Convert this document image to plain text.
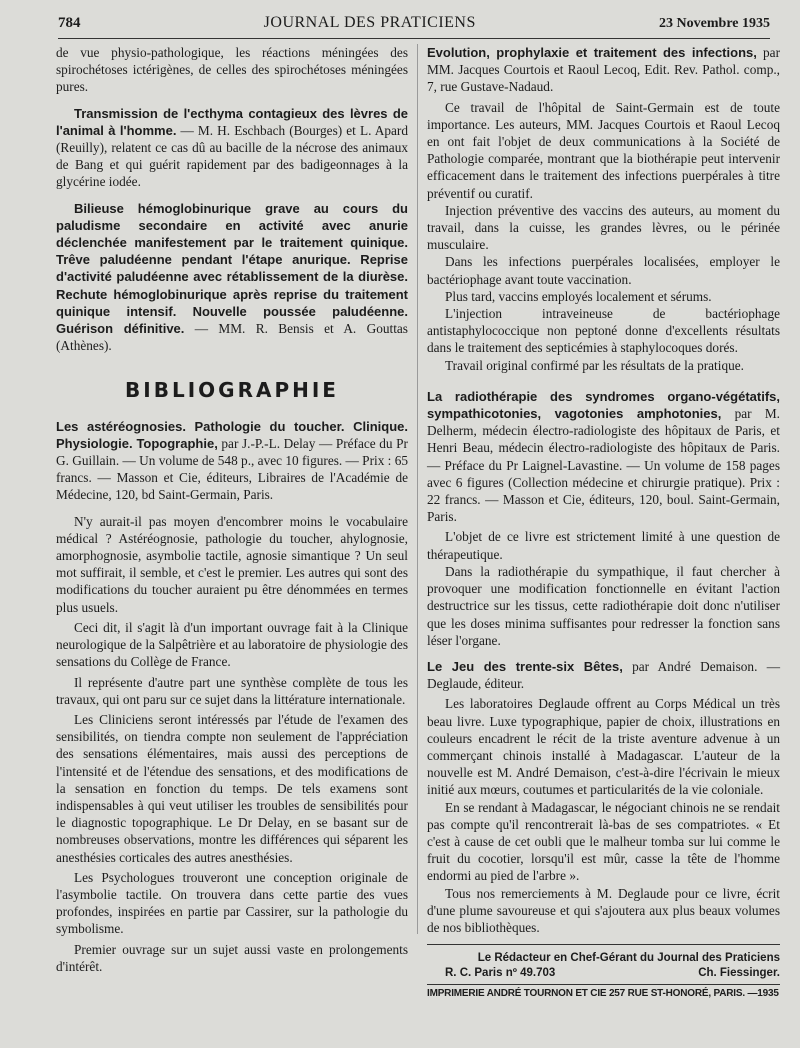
784	JOURNAL DES PRATICIENS	23 Novembre 1935

de vue physio-pathologique, les réactions méningées des spirochétoses ictérigènes, de celles des spirochétoses méningées pures.

Transmission de l'ecthyma contagieux des lèvres de l'animal à l'homme. — M. H. Eschbach (Bourges) et L. Apard (Reuilly), relatent ce cas dû au bacille de la nécrose des animaux de Bang et qui guérit rapidement par des badigeonnages à la glycérine iodée.

Bilieuse hémoglobinurique grave au cours du paludisme secondaire en activité avec anurie déclenchée manifestement par le traitement quinique. Trêve paludéenne pendant l'étape anurique. Reprise d'activité paludéenne avec rétablissement de la diurèse. Rechute hémoglobinurique après reprise du traitement quinique intensif. Nouvelle poussée paludéenne. Guérison définitive. — MM. R. Bensis et A. Gouttas (Athènes).

BIBLIOGRAPHIE

Les astéréognosies. Pathologie du toucher. Clinique. Physiologie. Topographie, par J.-P.-L. Delay — Préface du Pr G. Guillain. — Un volume de 548 p., avec 10 figures. — Prix : 65 francs. — Masson et Cie, éditeurs, Libraires de l'Académie de Médecine, 120, bd Saint-Germain, Paris.

N'y aurait-il pas moyen d'encombrer moins le vocabulaire médical ? Astéréognosie, pathologie du toucher, ahylognosie, amorphognosie, asymbolie tactile, agnosie simantique ? Un seul mot suffirait, il semble, et c'est le premier. Les autres qui sont des modifications du toucher auraient pu être dénommées en termes plus usuels.

Ceci dit, il s'agit là d'un important ouvrage fait à la Clinique neurologique de la Salpêtrière et au laboratoire de physiologie des sensations du Collège de France.

Il représente d'autre part une synthèse complète de tous les travaux, qui ont paru sur ce sujet dans la littérature internationale.

Les Cliniciens seront intéressés par l'étude de l'examen des sensibilités, on tiendra compte non seulement de l'appréciation des sensations élémentaires, mais aussi des perceptions de l'intensité et de l'étendue des sensations, et des modifications de la sensation en fonction du temps. De tels examens sont indispensables à qui veut utiliser les troubles de sensibilités pour le diagnostic topographique. Le Dr Delay, en se basant sur de nombreuses observations, montre les différences qui séparent les anesthésies corticales des autres anesthésies.

Les Psychologues trouveront une conception originale de l'asymbolie tactile. On trouvera dans cette partie des vues profondes, inspirées en partie par Cassirer, sur la pathologie du symbolisme.

Premier ouvrage sur un sujet aussi vaste en prolongements d'intérêt.

Evolution, prophylaxie et traitement des infections, par MM. Jacques Courtois et Raoul Lecoq, Edit. Rev. Pathol. comp., 7, rue Gustave-Nadaud.

Ce travail de l'hôpital de Saint-Germain est de toute importance. Les auteurs, MM. Jacques Courtois et Raoul Lecoq en ont fait l'objet de deux communications à la Société de Pathologie comparée, montrant que la biothérapie peut intervenir efficacement dans le traitement des infections puerpérales à titre préventif ou curatif.

Injection préventive des vaccins des auteurs, au moment du travail, dans la cuisse, les grandes lèvres, ou le périnée musculaire.

Dans les infections puerpérales localisées, employer le bactériophage avant toute vaccination.

Plus tard, vaccins employés localement et sérums.

L'injection intraveineuse de bactériophage antistaphylococcique non peptoné donne d'excellents résultats dans le traitement des septicémies à staphylocoques dorés.

Travail original confirmé par les résultats de la pratique.

La radiothérapie des syndromes organo-végétatifs, sympathicotonies, vagotonies amphotonies, par M. Delherm, médecin électro-radiologiste des hôpitaux de Paris, et Henri Beau, médecin électro-radiologiste des hôpitaux de Paris. — Préface du Pr Laignel-Lavastine. — Un volume de 158 pages avec 6 figures (Collection médecine et chirurgie pratique). Prix : 22 francs. — Masson et Cie, éditeurs, 120, boul. Saint-Germain, Paris.

L'objet de ce livre est strictement limité à une question de thérapeutique.

Dans la radiothérapie du sympathique, il faut chercher à provoquer une modification fonctionnelle en évitant l'action destructrice sur les tissus, cette radiothérapie doit donc n'utiliser que les doses minima suffisantes pour redresser la fonction sans léser l'organe.

Le Jeu des trente-six Bêtes, par André Demaison. — Deglaude, éditeur.

Les laboratoires Deglaude offrent au Corps Médical un très beau livre. Luxe typographique, papier de choix, illustrations en couleurs encadrent le récit de la triste aventure advenue à un commerçant chinois installé à Madagascar. L'auteur de la nouvelle est M. André Demaison, c'est-à-dire l'écrivain le mieux initié aux mœurs, coutumes et particularités de la vie coloniale.

En se rendant à Madagascar, le négociant chinois ne se rendait pas compte qu'il rencontrerait là-bas de ses compatriotes. « Et c'est à cause de cet oubli que le malheur tomba sur lui comme le fruit du cocotier, lorsqu'il est mûr, casse la tête de l'homme endormi au pied de l'arbre ».

Tous nos remerciements à M. Deglaude pour ce livre, écrit d'une plume savoureuse et qui s'ajoutera aux plus beaux volumes de nos bibliothèques.

Le Rédacteur en Chef-Gérant du Journal des Praticiens
R. C. Paris nº 49.703	Ch. Fiessinger.
IMPRIMERIE ANDRÉ TOURNON ET CIE 257 RUE ST-HONORÉ, PARIS. —1935
